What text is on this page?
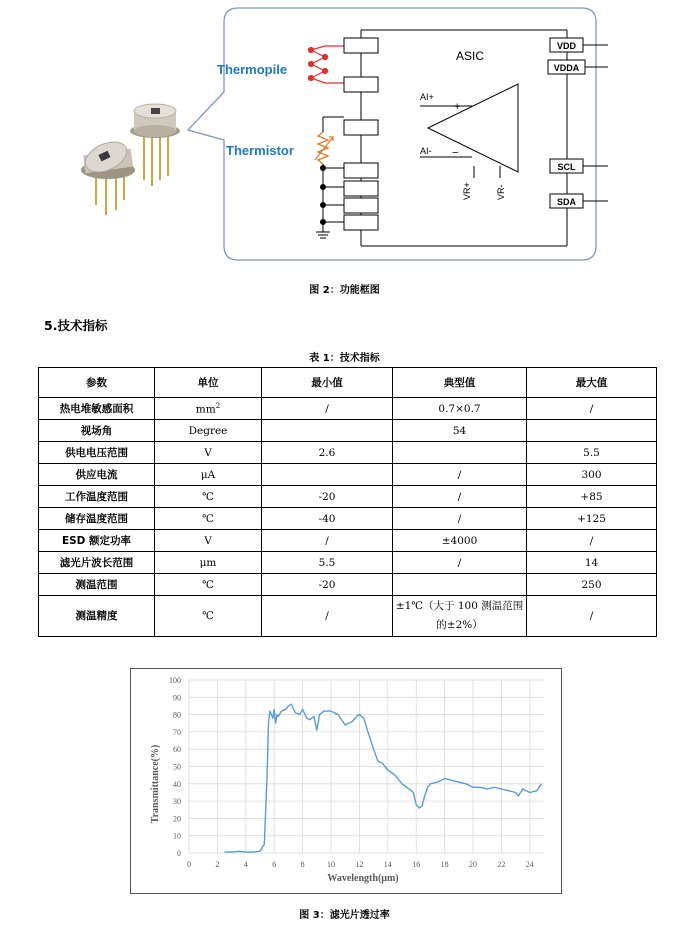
Thermopile
Thermistor
ASIC
AI+
AI-
+
−
VR+	VR-
VDD
VDDA
SCL
SDA
图 2：功能框图
5.技术指标
表 1：技术指标
参数	单位	最小值	典型值	最大值
热电堆敏感面积	$mm^2$	/	0.7×0.7	/
视场角	Degree		54	
供电电压范围	V	2.6		5.5
供应电流	μA		/	300
工作温度范围	℃	-20	/	+85
储存温度范围	℃	-40	/	+125
ESD 额定功率	V	/	±4000	/
滤光片波长范围	μm	5.5	/	14
测温范围	℃	-20		250
测温精度	℃	/	±1℃（大于 100 测温范围的±2%）	/
0
10
20
30
40
50
60
70
80
90
100
0	2	4	6	8	10	12	14	16	18	20	22	24
Transmittance(%)
Wavelength(μm)
图 3：滤光片透过率
